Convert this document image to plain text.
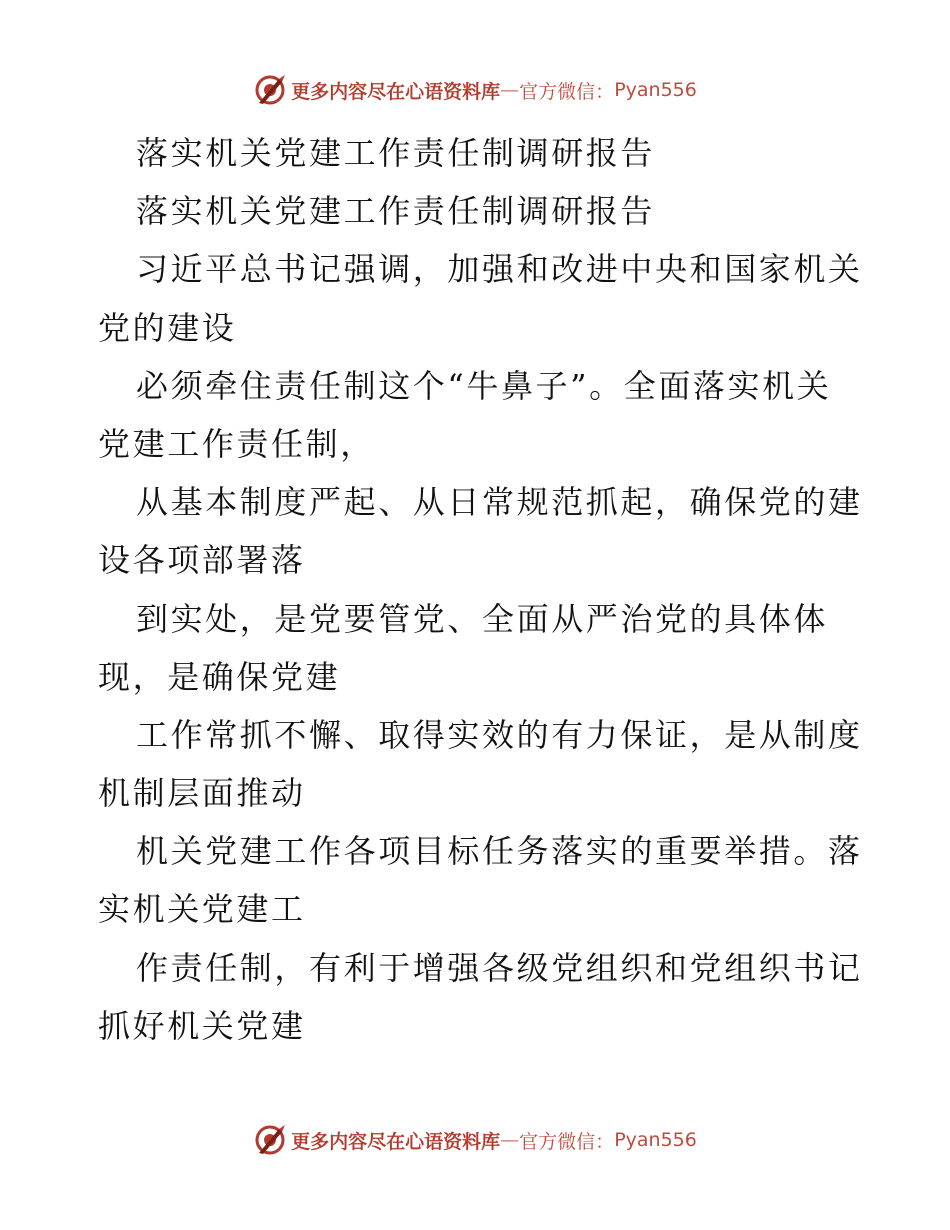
更多内容尽在心语资料库 — 官方微信： Pyan556
落实机关党建工作责任制调研报告
落实机关党建工作责任制调研报告
习近平总书记强调，加强和改进中央和国家机关
党的建设
必须牵住责任制这个“牛鼻子”。全面落实机关
党建工作责任制，
从基本制度严起、从日常规范抓起，确保党的建
设各项部署落
到实处，是党要管党、全面从严治党的具体体
现，是确保党建
工作常抓不懈、取得实效的有力保证，是从制度
机制层面推动
机关党建工作各项目标任务落实的重要举措。落
实机关党建工
作责任制，有利于增强各级党组织和党组织书记
抓好机关党建
更多内容尽在心语资料库 — 官方微信： Pyan556
